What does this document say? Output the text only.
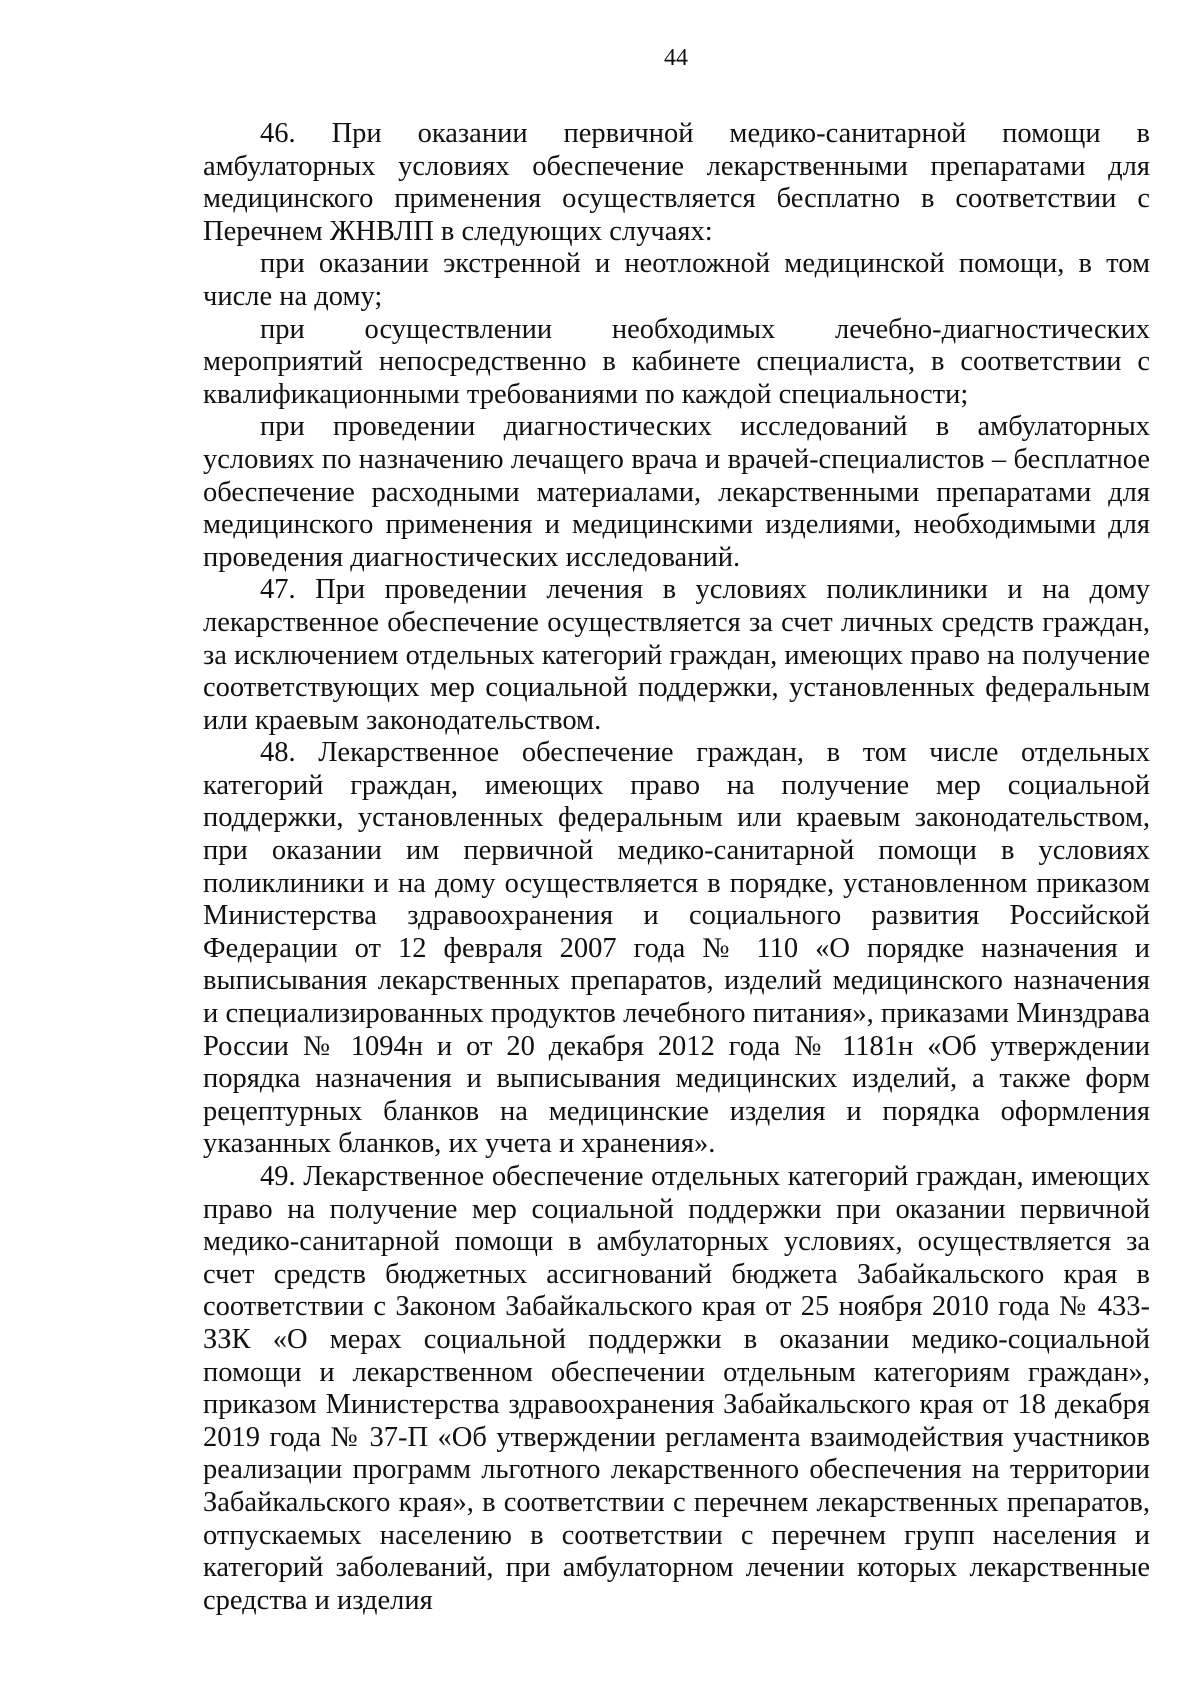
44

46. При оказании первичной медико-санитарной помощи в амбулаторных условиях обеспечение лекарственными препаратами для медицинского применения осуществляется бесплатно в соответствии с Перечнем ЖНВЛП в следующих случаях:

при оказании экстренной и неотложной медицинской помощи, в том числе на дому;

при осуществлении необходимых лечебно-диагностических мероприятий непосредственно в кабинете специалиста, в соответствии с квалификационными требованиями по каждой специальности;

при проведении диагностических исследований в амбулаторных условиях по назначению лечащего врача и врачей-специалистов – бесплатное обеспечение расходными материалами, лекарственными препаратами для медицинского применения и медицинскими изделиями, необходимыми для проведения диагностических исследований.

47. При проведении лечения в условиях поликлиники и на дому лекарственное обеспечение осуществляется за счет личных средств граждан, за исключением отдельных категорий граждан, имеющих право на получение соответствующих мер социальной поддержки, установленных федеральным или краевым законодательством.

48. Лекарственное обеспечение граждан, в том числе отдельных категорий граждан, имеющих право на получение мер социальной поддержки, установленных федеральным или краевым законодательством, при оказании им первичной медико-санитарной помощи в условиях поликлиники и на дому осуществляется в порядке, установленном приказом Министерства здравоохранения и социального развития Российской Федерации от 12 февраля 2007 года № 110 «О порядке назначения и выписывания лекарственных препаратов, изделий медицинского назначения и специализированных продуктов лечебного питания», приказами Минздрава России № 1094н и от 20 декабря 2012 года № 1181н «Об утверждении порядка назначения и выписывания медицинских изделий, а также форм рецептурных бланков на медицинские изделия и порядка оформления указанных бланков, их учета и хранения».

49. Лекарственное обеспечение отдельных категорий граждан, имеющих право на получение мер социальной поддержки при оказании первичной медико-санитарной помощи в амбулаторных условиях, осуществляется за счет средств бюджетных ассигнований бюджета Забайкальского края в соответствии с Законом Забайкальского края от 25 ноября 2010 года № 433-ЗЗК «О мерах социальной поддержки в оказании медико-социальной помощи и лекарственном обеспечении отдельным категориям граждан», приказом Министерства здравоохранения Забайкальского края от 18 декабря 2019 года № 37-П «Об утверждении регламента взаимодействия участников реализации программ льготного лекарственного обеспечения на территории Забайкальского края», в соответствии с перечнем лекарственных препаратов, отпускаемых населению в соответствии с перечнем групп населения и категорий заболеваний, при амбулаторном лечении которых лекарственные средства и изделия
